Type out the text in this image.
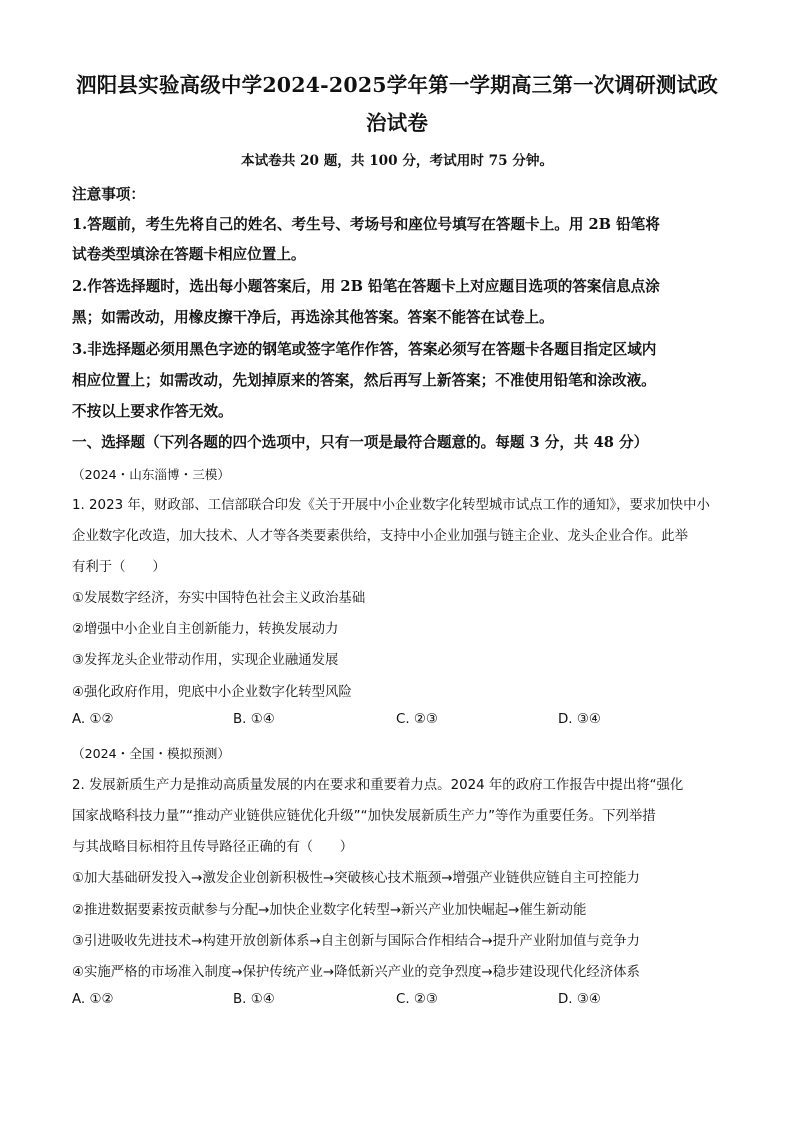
泗阳县实验高级中学2024-2025学年第一学期高三第一次调研测试政
治试卷
本试卷共 20 题，共 100 分，考试用时 75 分钟。
注意事项：
1.答题前，考生先将自己的姓名、考生号、考场号和座位号填写在答题卡上。用 2B 铅笔将
试卷类型填涂在答题卡相应位置上。
2.作答选择题时，选出每小题答案后，用 2B 铅笔在答题卡上对应题目选项的答案信息点涂
黑；如需改动，用橡皮擦干净后，再选涂其他答案。答案不能答在试卷上。
3.非选择题必须用黑色字迹的钢笔或签字笔作作答，答案必须写在答题卡各题目指定区域内
相应位置上；如需改动，先划掉原来的答案，然后再写上新答案；不准使用铅笔和涂改液。
不按以上要求作答无效。
一、选择题（下列各题的四个选项中，只有一项是最符合题意的。每题 3 分，共 48 分）
（2024・山东淄博・三模）
1. 2023 年，财政部、工信部联合印发《关于开展中小企业数字化转型城市试点工作的通知》，要求加快中小
企业数字化改造，加大技术、人才等各类要素供给，支持中小企业加强与链主企业、龙头企业合作。此举
有利于（　　）
①发展数字经济，夯实中国特色社会主义政治基础
②增强中小企业自主创新能力，转换发展动力
③发挥龙头企业带动作用，实现企业融通发展
④强化政府作用，兜底中小企业数字化转型风险
A. ①②	B. ①④	C. ②③	D. ③④
（2024・全国・模拟预测）
2. 发展新质生产力是推动高质量发展的内在要求和重要着力点。2024 年的政府工作报告中提出将“强化
国家战略科技力量”“推动产业链供应链优化升级”“加快发展新质生产力”等作为重要任务。下列举措
与其战略目标相符且传导路径正确的有（　　）
①加大基础研发投入→激发企业创新积极性→突破核心技术瓶颈→增强产业链供应链自主可控能力
②推进数据要素按贡献参与分配→加快企业数字化转型→新兴产业加快崛起→催生新动能
③引进吸收先进技术→构建开放创新体系→自主创新与国际合作相结合→提升产业附加值与竞争力
④实施严格的市场准入制度→保护传统产业→降低新兴产业的竞争烈度→稳步建设现代化经济体系
A. ①②	B. ①④	C. ②③	D. ③④
